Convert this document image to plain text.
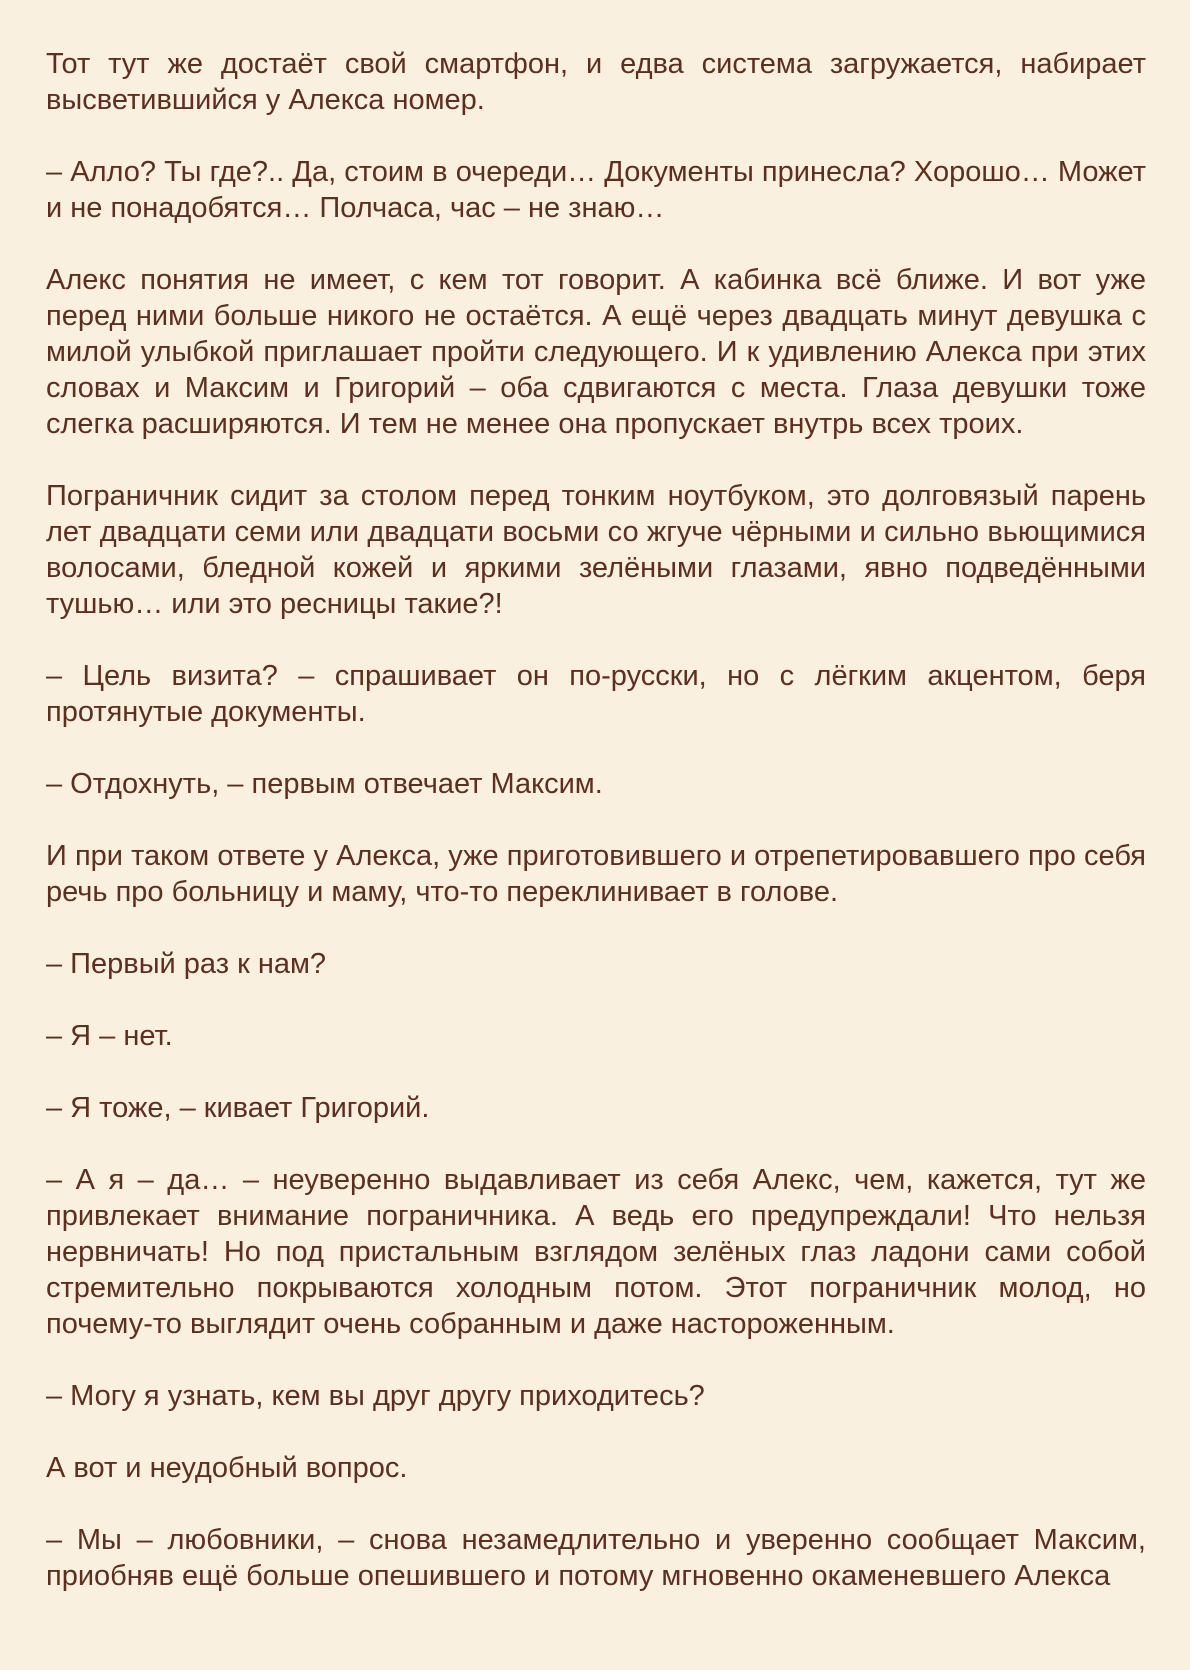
Тот тут же достаёт свой смартфон, и едва система загружается, набирает высветившийся у Алекса номер.

– Алло? Ты где?.. Да, стоим в очереди… Документы принесла? Хорошо… Может и не понадобятся… Полчаса, час – не знаю…

Алекс понятия не имеет, с кем тот говорит. А кабинка всё ближе. И вот уже перед ними больше никого не остаётся. А ещё через двадцать минут девушка с милой улыбкой приглашает пройти следующего. И к удивлению Алекса при этих словах и Максим и Григорий – оба сдвигаются с места. Глаза девушки тоже слегка расширяются. И тем не менее она пропускает внутрь всех троих.

Пограничник сидит за столом перед тонким ноутбуком, это долговязый парень лет двадцати семи или двадцати восьми со жгуче чёрными и сильно вьющимися волосами, бледной кожей и яркими зелёными глазами, явно подведёнными тушью… или это ресницы такие?!

– Цель визита? – спрашивает он по-русски, но с лёгким акцентом, беря протянутые документы.

– Отдохнуть, – первым отвечает Максим.

И при таком ответе у Алекса, уже приготовившего и отрепетировавшего про себя речь про больницу и маму, что-то переклинивает в голове.

– Первый раз к нам?

– Я – нет.

– Я тоже, – кивает Григорий.

– А я – да… – неуверенно выдавливает из себя Алекс, чем, кажется, тут же привлекает внимание пограничника. А ведь его предупреждали! Что нельзя нервничать! Но под пристальным взглядом зелёных глаз ладони сами собой стремительно покрываются холодным потом. Этот пограничник молод, но почему-то выглядит очень собранным и даже настороженным.

– Могу я узнать, кем вы друг другу приходитесь?

А вот и неудобный вопрос.

– Мы – любовники, – снова незамедлительно и уверенно сообщает Максим, приобняв ещё больше опешившего и потому мгновенно окаменевшего Алекса
